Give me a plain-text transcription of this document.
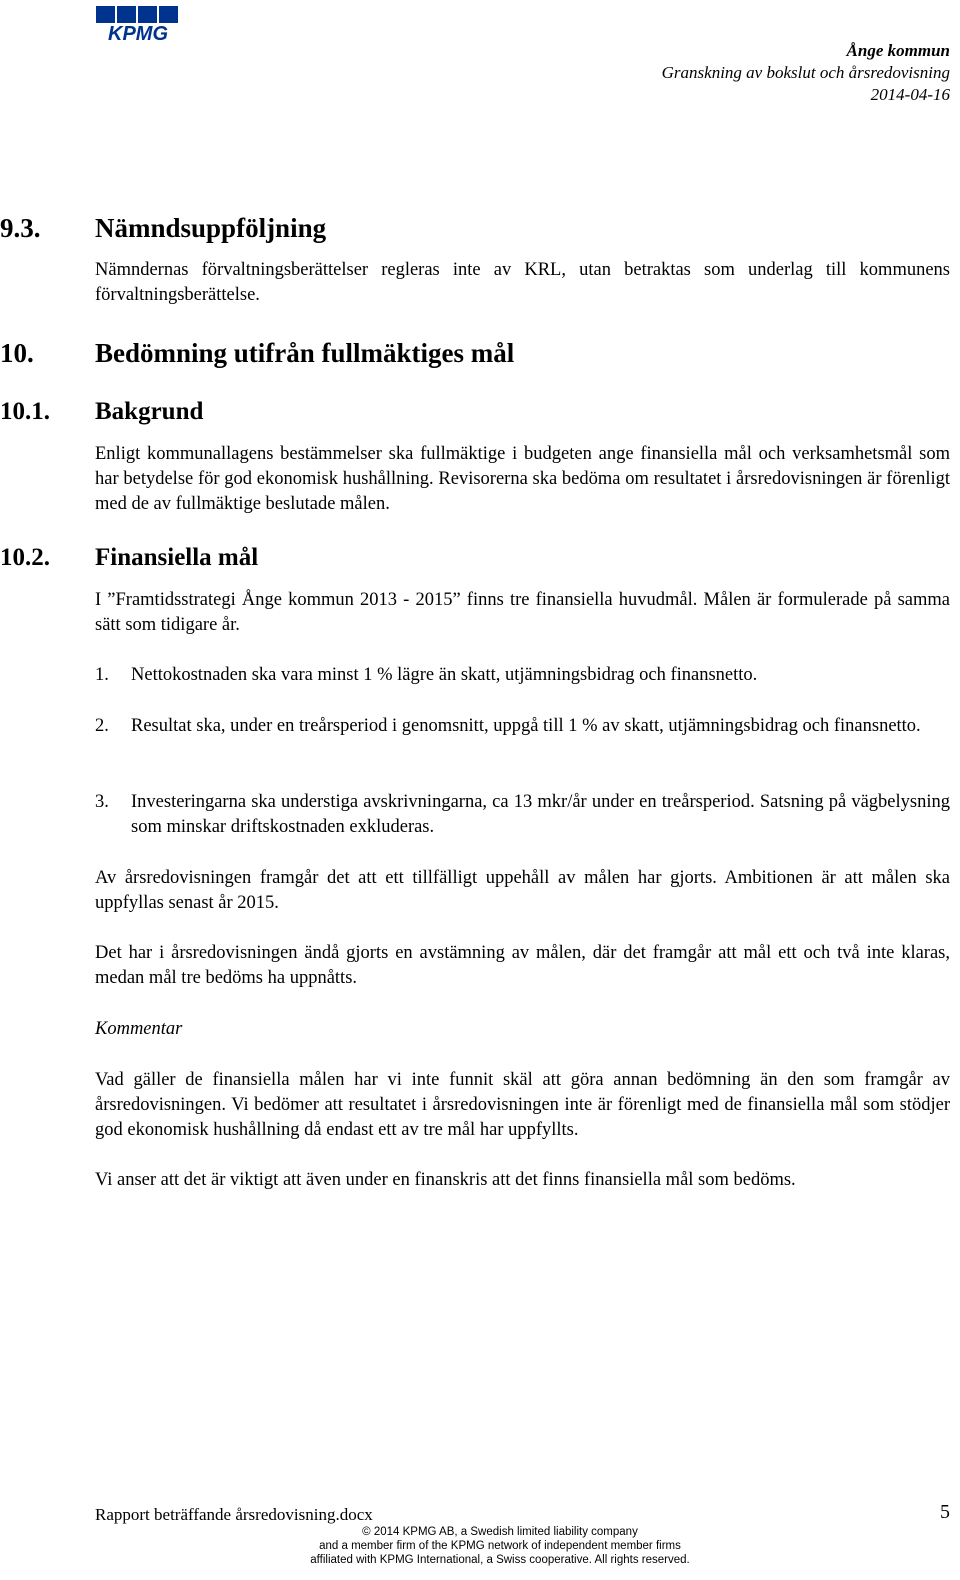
KPMG
Ånge kommun
Granskning av bokslut och årsredovisning
2014-04-16
9.3. Nämndsuppföljning
Nämndernas förvaltningsberättelser regleras inte av KRL, utan betraktas som underlag till kommunens förvaltningsberättelse.
10. Bedömning utifrån fullmäktiges mål
10.1. Bakgrund
Enligt kommunallagens bestämmelser ska fullmäktige i budgeten ange finansiella mål och verksamhetsmål som har betydelse för god ekonomisk hushållning. Revisorerna ska bedöma om resultatet i årsredovisningen är förenligt med de av fullmäktige beslutade målen.
10.2. Finansiella mål
I ”Framtidsstrategi Ånge kommun 2013 - 2015” finns tre finansiella huvudmål. Målen är formulerade på samma sätt som tidigare år.
1. Nettokostnaden ska vara minst 1 % lägre än skatt, utjämningsbidrag och finansnetto.
2. Resultat ska, under en treårsperiod i genomsnitt, uppgå till 1 % av skatt, utjämningsbidrag och finansnetto.
3. Investeringarna ska understiga avskrivningarna, ca 13 mkr/år under en treårsperiod. Satsning på vägbelysning som minskar driftskostnaden exkluderas.
Av årsredovisningen framgår det att ett tillfälligt uppehåll av målen har gjorts. Ambitionen är att målen ska uppfyllas senast år 2015.
Det har i årsredovisningen ändå gjorts en avstämning av målen, där det framgår att mål ett och två inte klaras, medan mål tre bedöms ha uppnåtts.
Kommentar
Vad gäller de finansiella målen har vi inte funnit skäl att göra annan bedömning än den som framgår av årsredovisningen. Vi bedömer att resultatet i årsredovisningen inte är förenligt med de finansiella mål som stödjer god ekonomisk hushållning då endast ett av tre mål har uppfyllts.
Vi anser att det är viktigt att även under en finanskris att det finns finansiella mål som bedöms.
Rapport beträffande årsredovisning.docx	5
© 2014 KPMG AB, a Swedish limited liability company
and a member firm of the KPMG network of independent member firms
affiliated with KPMG International, a Swiss cooperative. All rights reserved.
